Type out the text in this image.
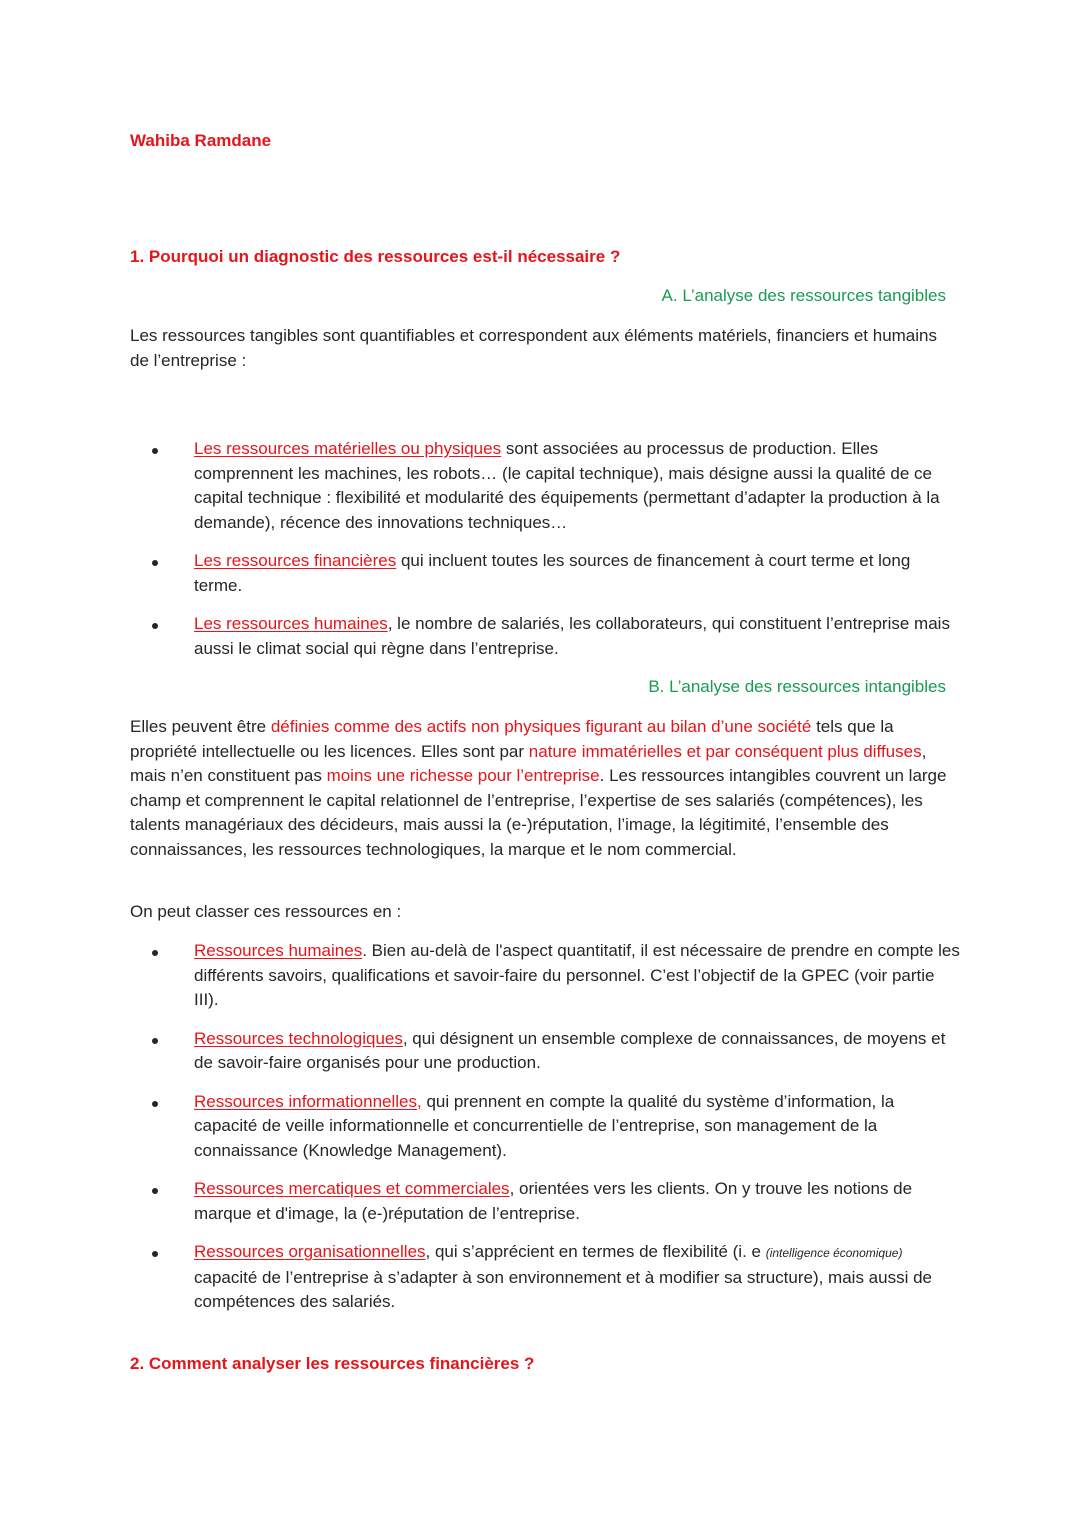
Wahiba Ramdane
1. Pourquoi un diagnostic des ressources est-il nécessaire ?
A. L’analyse des ressources tangibles
Les ressources tangibles sont quantifiables et correspondent aux éléments matériels, financiers et humains de l’entreprise :
Les ressources matérielles ou physiques sont associées au processus de production. Elles comprennent les machines, les robots… (le capital technique), mais désigne aussi la qualité de ce capital technique : flexibilité et modularité des équipements (permettant d’adapter la production à la demande), récence des innovations techniques…
Les ressources financières qui incluent toutes les sources de financement à court terme et long terme.
Les ressources humaines, le nombre de salariés, les collaborateurs, qui constituent l’entreprise mais aussi le climat social qui règne dans l’entreprise.
B. L’analyse des ressources intangibles
Elles peuvent être définies comme des actifs non physiques figurant au bilan d’une société tels que la propriété intellectuelle ou les licences. Elles sont par nature immatérielles et par conséquent plus diffuses, mais n’en constituent pas moins une richesse pour l’entreprise. Les ressources intangibles couvrent un large champ et comprennent le capital relationnel de l’entreprise, l’expertise de ses salariés (compétences), les talents managériaux des décideurs, mais aussi la (e-)réputation, l’image, la légitimité, l’ensemble des connaissances, les ressources technologiques, la marque et le nom commercial.
On peut classer ces ressources en :
Ressources humaines. Bien au-delà de l'aspect quantitatif, il est nécessaire de prendre en compte les différents savoirs, qualifications et savoir-faire du personnel. C’est l’objectif de la GPEC (voir partie III).
Ressources technologiques, qui désignent un ensemble complexe de connaissances, de moyens et de savoir-faire organisés pour une production.
Ressources informationnelles, qui prennent en compte la qualité du système d’information, la capacité de veille informationnelle et concurrentielle de l’entreprise, son management de la connaissance (Knowledge Management).
Ressources mercatiques et commerciales, orientées vers les clients. On y trouve les notions de marque et d'image, la (e-)réputation de l’entreprise.
Ressources organisationnelles, qui s’apprécient en termes de flexibilité (i. e (intelligence économique) capacité de l’entreprise à s’adapter à son environnement et à modifier sa structure), mais aussi de compétences des salariés.
2. Comment analyser les ressources financières ?
